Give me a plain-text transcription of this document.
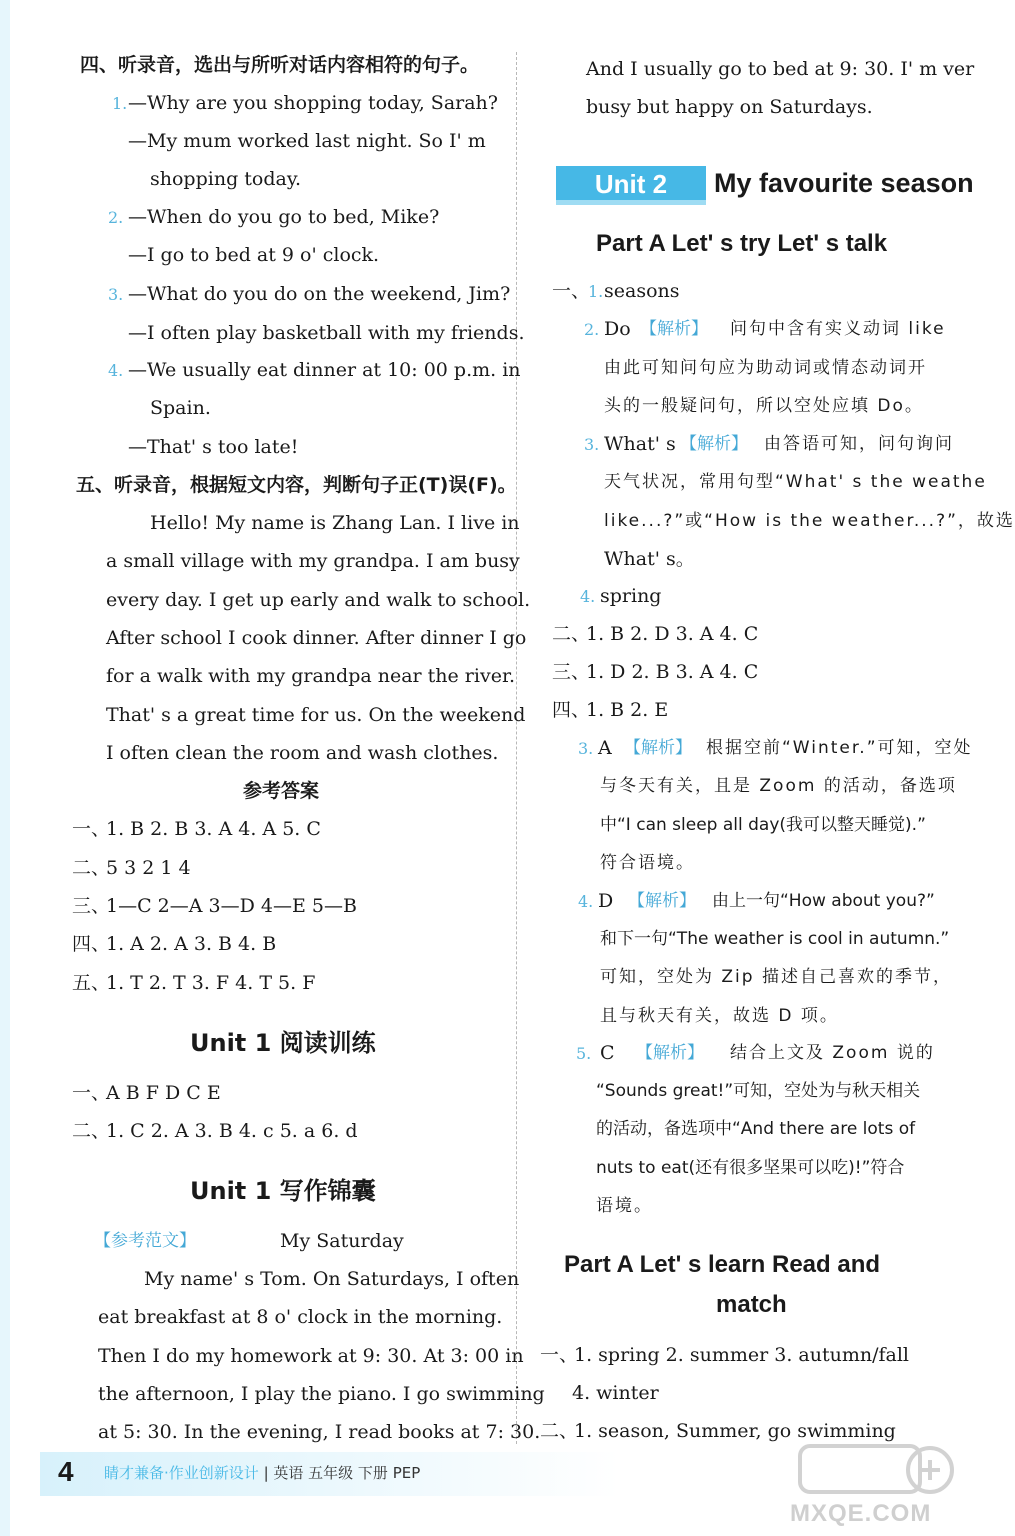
四、听录音，选出与所听对话内容相符的句子。
1. —Why are you shopping today, Sarah?
—My mum worked last night. So I' m
shopping today.
2. —When do you go to bed, Mike?
—I go to bed at 9 o' clock.
3. —What do you do on the weekend, Jim?
—I often play basketball with my friends.
4. —We usually eat dinner at 10: 00 p.m. in
Spain.
—That' s too late!
五、听录音，根据短文内容，判断句子正(T)误(F)。
Hello! My name is Zhang Lan. I live in
a small village with my grandpa. I am busy
every day. I get up early and walk to school.
After school I cook dinner. After dinner I go
for a walk with my grandpa near the river.
That' s a great time for us. On the weekend
I often clean the room and wash clothes.
参考答案
一、
1. B 2. B 3. A 4. A 5. C
二、
5 3 2 1 4
三、
1—C 2—A 3—D 4—E 5—B
四、
1. A 2. A 3. B 4. B
五、
1. T 2. T 3. F 4. T 5. F
Unit 1 阅读训练
一、
A B F D C E
二、
1. C 2. A 3. B 4. c 5. a 6. d
Unit 1 写作锦囊
【参考范文】	My Saturday
My name' s Tom. On Saturdays, I often
eat breakfast at 8 o' clock in the morning.
Then I do my homework at 9: 30. At 3: 00 in
the afternoon, I play the piano. I go swimming
at 5: 30. In the evening, I read books at 7: 30.
And I usually go to bed at 9: 30. I' m ver
busy but happy on Saturdays.
Unit 2	My favourite season
Part A Let' s try Let' s talk
一、
1. seasons
2. Do 【解析】 问句中含有实义动词 like
由此可知问句应为助动词或情态动词开
头的一般疑问句，所以空处应填 Do。
3. What' s 【解析】 由答语可知，问句询问
天气状况，常用句型“What' s the weathe
like...?”或“How is the weather...?”，故选
What' s。
4. spring
二、
1. B 2. D 3. A 4. C
三、
1. D 2. B 3. A 4. C
四、
1. B 2. E
3. A 【解析】 根据空前“Winter.”可知，空处
与冬天有关，且是 Zoom 的活动，备选项
中“I can sleep all day(我可以整天睡觉).”
符合语境。
4. D 【解析】 由上一句“How about you?”
和下一句“The weather is cool in autumn.”
可知，空处为 Zip 描述自己喜欢的季节，
且与秋天有关，故选 D 项。
5. C 【解析】 结合上文及 Zoom 说的
“Sounds great!”可知，空处为与秋天相关
的活动，备选项中“And there are lots of
nuts to eat(还有很多坚果可以吃)!”符合
语境。
Part A Let' s learn Read and
match
一、
1. spring 2. summer 3. autumn/fall
4. winter
二、
1. season, Summer, go swimming
4 睛才兼备·作业创新设计 | 英语 五年级 下册 PEP
MXQE.COM
